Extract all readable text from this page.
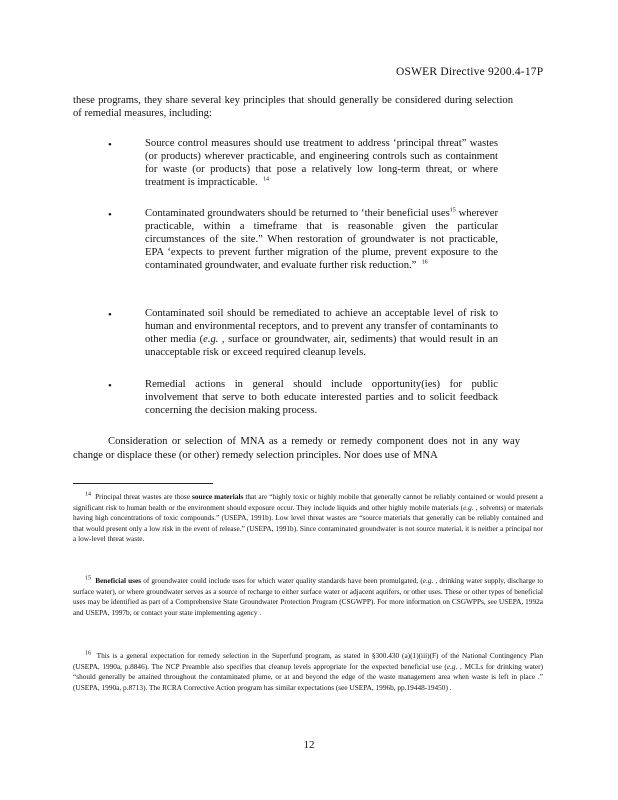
OSWER Directive 9200.4-17P
these programs, they share several key principles that should generally be considered during selection of remedial measures, including:
•	Source control measures should use treatment to address ‘principal threat” wastes (or products) wherever practicable, and engineering controls such as containment for waste (or products) that pose a relatively low long-term threat, or where treatment is impracticable. $^{14}$
•	Contaminated groundwaters should be returned to ‘their beneficial uses$^{15}$ wherever practicable, within a timeframe that is reasonable given the particular circumstances of the site.” When restoration of groundwater is not practicable, EPA ‘expects to prevent further migration of the plume, prevent exposure to the contaminated groundwater, and evaluate further risk reduction.” $^{16}$
•	Contaminated soil should be remediated to achieve an acceptable level of risk to human and environmental receptors, and to prevent any transfer of contaminants to other media (e.g. , surface or groundwater, air, sediments) that would result in an unacceptable risk or exceed required cleanup levels.
•	Remedial actions in general should include opportunity(ies) for public involvement that serve to both educate interested parties and to solicit feedback concerning the decision making process.
Consideration or selection of MNA as a remedy or remedy component does not in any way change or displace these (or other) remedy selection principles. Nor does use of MNA
$^{14}$ Principal threat wastes are those source materials that are “highly toxic or highly mobile that generally cannot be reliably contained or would present a significant risk to human health or the environment should exposure occur. They include liquids and other highly mobile materials (e.g. , solvents) or materials having high concentrations of toxic compounds.” (USEPA, 1991b). Low level threat wastes are “source materials that generally can be reliably contained and that would present only a low risk in the event of release.” (USEPA, 1991b). Since contaminated groundwater is not source material, it is neither a principal nor a low-level threat waste.
$^{15}$ Beneficial uses of groundwater could include uses for which water quality standards have been promulgated, (e.g. , drinking water supply, discharge to surface water), or where groundwater serves as a source of recharge to either surface water or adjacent aquifers, or other uses. These or other types of beneficial uses may be identified as part of a Comprehensive State Groundwater Protection Program (CSGWPP). For more information on CSGWPPs, see USEPA, 1992a and USEPA, 1997b, or contact your state implementing agency .
$^{16}$ This is a general expectation for remedy selection in the Superfund program, as stated in §300.430 (a)(1)(iii)(F) of the National Contingency Plan (USEPA, 1990a, p.8846). The NCP Preamble also specifies that cleanup levels appropriate for the expected beneficial use (e.g. , MCLs for drinking water) “should generally be attained throughout the contaminated plume, or at and beyond the edge of the waste management area when waste is left in place .” (USEPA, 1990a, p.8713). The RCRA Corrective Action program has similar expectations (see USEPA, 1996b, pp.19448-19450) .
12
